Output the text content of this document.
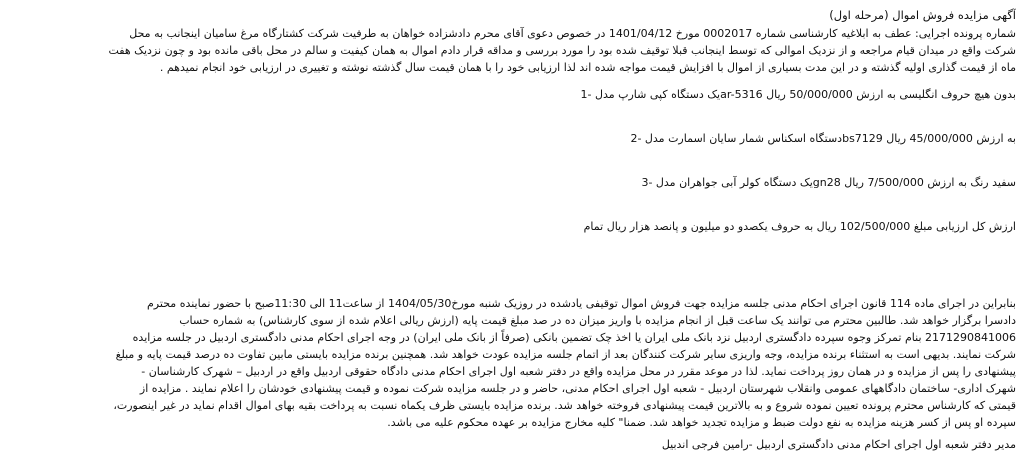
آگهی مزایده فروش اموال (مرحله اول)
شماره پرونده اجرایی: عطف به ابلاغیه کارشناسی شماره 0002017 مورخ 1401/04/12 در خصوص دعوی آقای محرم دادشزاده خواهان به طرفیت شرکت کشتارگاه مرغ سامیان اینجانب به محل
شرکت واقع در میدان قیام مراجعه و از نزدیک اموالی که توسط اینجانب قبلا توقیف شده بود را مورد بررسی و مداقه قرار دادم اموال به همان کیفیت و سالم در محل باقی مانده بود و چون نزدیک هفت
ماه از قیمت گذاری اولیه گذشته و در این مدت بسیاری از اموال با افزایش قیمت مواجه شده اند لذا ارزیابی خود را با همان قیمت سال گذشته نوشته و تغییری در ارزیابی خود انجام نمیدهم .
بدون هیچ حروف انگلیسی به ارزش 50/000/000 ریال ar-5316یک دستگاه کپی شارپ مدل -1
به ارزش 45/000/000 ریال bs7129دستگاه اسکناس شمار سایان اسمارت مدل -2
سفید رنگ به ارزش 7/500/000 ریال gn28یک دستگاه کولر آبی جواهران مدل -3
ارزش کل ارزیابی مبلغ 102/500/000 ریال به حروف یکصدو دو میلیون و پانصد هزار ریال تمام
بنابراین در اجرای ماده 114 قانون اجرای احکام مدنی جلسه مزایده جهت فروش اموال توقیفی یادشده در روزیک شنبه مورخ1404/05/30 از ساعت11 الی 11:30صبح با حضور نماینده محترم
دادسرا برگزار خواهد شد. طالبین محترم می توانند یک ساعت قبل از انجام مزایده با واریز میزان ده در صد مبلغ قیمت پایه (ارزش ریالی اعلام شده از سوی کارشناس) به شماره حساب
2171290841006 بنام تمرکز وجوه سپرده دادگستری اردبیل نزد بانک ملی ایران یا اخذ چک تضمین بانکی (صرفاً از بانک ملی ایران) در وجه اجرای احکام مدنی دادگستری اردبیل در جلسه مزایده
شرکت نمایند. بدیهی است به استثناء برنده مزایده، وجه واریزی سایر شرکت کنندگان بعد از اتمام جلسه مزایده عودت خواهد شد. همچنین برنده مزایده بایستی مابین تفاوت ده درصد قیمت پایه و مبلغ
پیشنهادی را پس از مزایده و در همان روز پرداخت نماید. لذا در موعد مقرر در محل مزایده واقع در دفتر شعبه اول اجرای احکام مدنی دادگاه حقوقی اردبیل واقع در اردبیل – شهرک کارشناسان -
شهرک اداری- ساختمان دادگاههای عمومی وانقلاب شهرستان اردبیل - شعبه اول اجرای احکام مدنی، حاضر و در جلسه مزایده شرکت نموده و قیمت پیشنهادی خودشان را اعلام نمایند . مزایده از
قیمتی که کارشناس محترم پرونده تعیین نموده شروع و به بالاترین قیمت پیشنهادی فروخته خواهد شد. برنده مزایده بایستی ظرف یکماه نسبت به پرداخت بقیه بهای اموال اقدام نماید در غیر اینصورت،
سپرده او پس از کسر هزینه مزایده به نفع دولت ضبط و مزایده تجدید خواهد شد. ضمنا" کلیه مخارج مزایده بر عهده محکوم علیه می باشد.
مدیر دفتر شعبه اول اجرای احکام مدنی دادگستری اردبیل -رامین فرجی اندبیل
